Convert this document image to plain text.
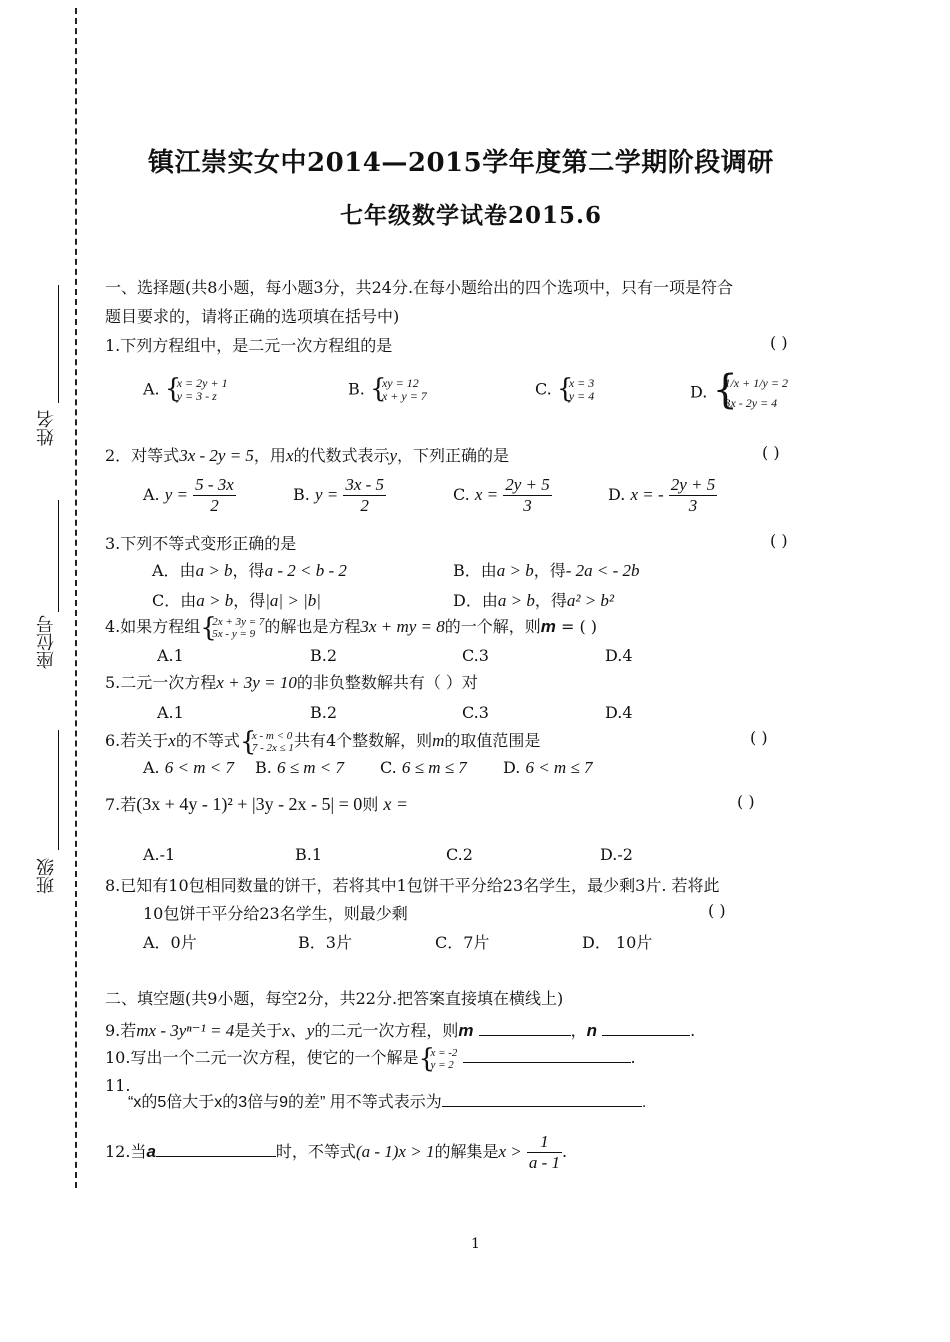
姓名
座位号
班级
镇江崇实女中2014—2015学年度第二学期阶段调研
七年级数学试卷2015.6
一、选择题(共8小题，每小题3分，共24分.在每小题给出的四个选项中，只有一项是符合
题目要求的，请将正确的选项填在括号中)
1.下列方程组中，是二元一次方程组的是	( )
A. { x = 2y + 1
y = 3 - z	B. { xy = 12
x + y = 7	C. { x = 3
y = 4	D. { 1/x + 1/y = 2
3x - 2y = 4
2．对等式3x - 2y = 5，用x的代数式表示y，下列正确的是	( )
A. $y = \frac{5 - 3x}{2}$	B. $y = \frac{3x - 5}{2}$	C. $x = \frac{2y + 5}{3}$	D. x = - $\frac{2y + 5}{3}$
3.下列不等式变形正确的是	( )
A．由a > b，得a - 2 < b - 2	B．由a > b，得- 2a < - 2b
C．由a > b，得|a| > |b|	D．由a > b，得a² > b²
4.如果方程组 { 2x + 3y = 7
5x - y = 9 的解也是方程3x + my = 8的一个解，则m = ( )
A.1	B.2	C.3	D.4
5.二元一次方程x + 3y = 10的非负整数解共有（ ）对
A.1	B.2	C.3	D.4
6.若关于x的不等式 { x - m < 0
7 - 2x ≤ 1 共有4个整数解，则m的取值范围是	( )
A. 6 < m < 7 B. 6 ≤ m < 7 C. 6 ≤ m ≤ 7 D. 6 < m ≤ 7
7.若(3x + 4y - 1)² + |3y - 2x - 5| = 0则 x =	( )
A.-1	B.1	C.2	D.-2
8.已知有10包相同数量的饼干，若将其中1包饼干平分给23名学生，最少剩3片. 若将此
10包饼干平分给23名学生，则最少剩	( )
A．0片	B．3片	C．7片	D． 10片
二、填空题(共9小题，每空2分，共22分.把答案直接填在横线上)
9.若mx - 3yⁿ⁻¹ = 4是关于x、y的二元一次方程，则m	，n	.
10.写出一个二元一次方程，使它的一个解是 { x = -2
y = 2	.
11.
“x的5倍大于x的3倍与9的差” 用不等式表示为	.
12.当a	时，不等式(a - 1)x > 1的解集是$x > \frac{1}{a - 1}$ .
1
